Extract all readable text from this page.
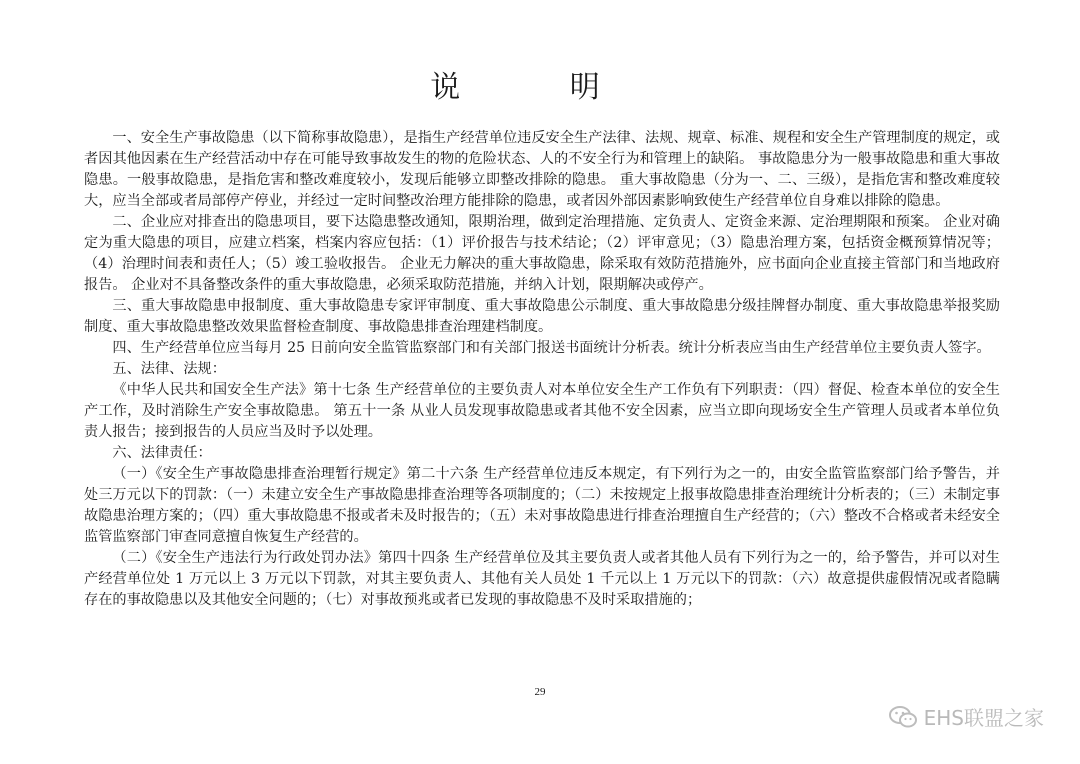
说 明

一、安全生产事故隐患（以下简称事故隐患），是指生产经营单位违反安全生产法律、法规、规章、标准、规程和安全生产管理制度的规定，或者因其他因素在生产经营活动中存在可能导致事故发生的物的危险状态、人的不安全行为和管理上的缺陷。 事故隐患分为一般事故隐患和重大事故隐患。一般事故隐患，是指危害和整改难度较小，发现后能够立即整改排除的隐患。 重大事故隐患（分为一、二、三级），是指危害和整改难度较大，应当全部或者局部停产停业，并经过一定时间整改治理方能排除的隐患，或者因外部因素影响致使生产经营单位自身难以排除的隐患。

二、企业应对排查出的隐患项目，要下达隐患整改通知，限期治理，做到定治理措施、定负责人、定资金来源、定治理期限和预案。 企业对确定为重大隐患的项目，应建立档案，档案内容应包括：（1）评价报告与技术结论；（2）评审意见；（3）隐患治理方案，包括资金概预算情况等；（4）治理时间表和责任人；（5）竣工验收报告。 企业无力解决的重大事故隐患，除采取有效防范措施外，应书面向企业直接主管部门和当地政府报告。 企业对不具备整改条件的重大事故隐患，必须采取防范措施，并纳入计划，限期解决或停产。

三、重大事故隐患申报制度、重大事故隐患专家评审制度、重大事故隐患公示制度、重大事故隐患分级挂牌督办制度、重大事故隐患举报奖励制度、重大事故隐患整改效果监督检查制度、事故隐患排查治理建档制度。

四、生产经营单位应当每月 25 日前向安全监管监察部门和有关部门报送书面统计分析表。统计分析表应当由生产经营单位主要负责人签字。

五、法律、法规：

《中华人民共和国安全生产法》第十七条 生产经营单位的主要负责人对本单位安全生产工作负有下列职责：（四）督促、检查本单位的安全生产工作，及时消除生产安全事故隐患。 第五十一条 从业人员发现事故隐患或者其他不安全因素，应当立即向现场安全生产管理人员或者本单位负责人报告；接到报告的人员应当及时予以处理。

六、法律责任：

（一）《安全生产事故隐患排查治理暂行规定》第二十六条 生产经营单位违反本规定，有下列行为之一的，由安全监管监察部门给予警告，并处三万元以下的罚款：（一）未建立安全生产事故隐患排查治理等各项制度的；（二）未按规定上报事故隐患排查治理统计分析表的；（三）未制定事故隐患治理方案的；（四）重大事故隐患不报或者未及时报告的；（五）未对事故隐患进行排查治理擅自生产经营的；（六）整改不合格或者未经安全监管监察部门审查同意擅自恢复生产经营的。

（二）《安全生产违法行为行政处罚办法》第四十四条 生产经营单位及其主要负责人或者其他人员有下列行为之一的，给予警告，并可以对生产经营单位处 1 万元以上 3 万元以下罚款，对其主要负责人、其他有关人员处 1 千元以上 1 万元以下的罚款：（六）故意提供虚假情况或者隐瞒存在的事故隐患以及其他安全问题的；（七）对事故预兆或者已发现的事故隐患不及时采取措施的；

29
EHS联盟之家
